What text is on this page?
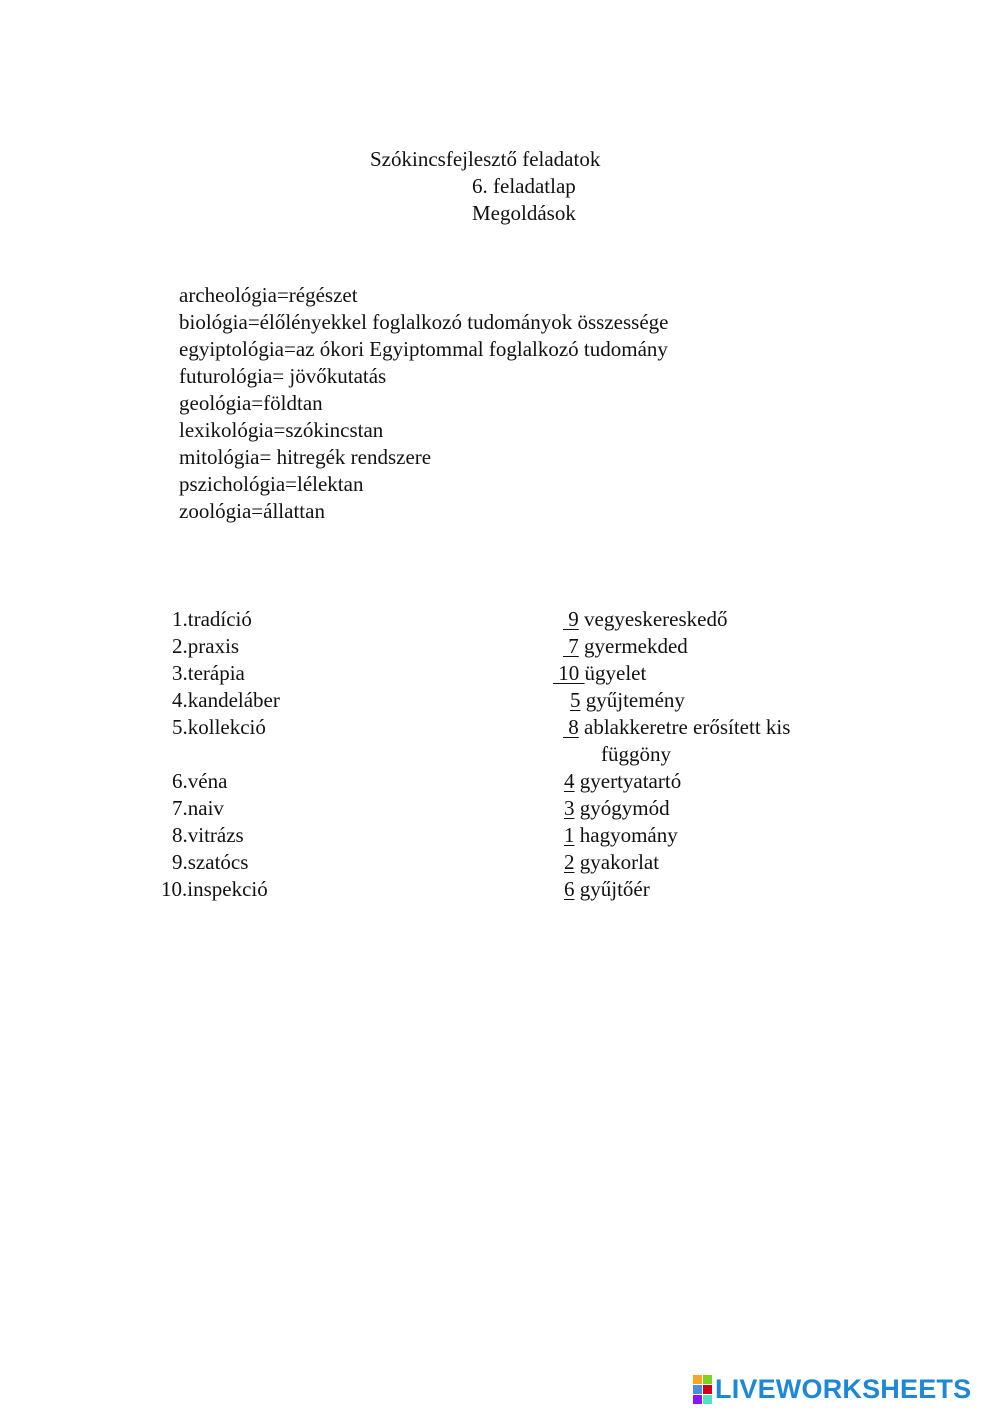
Szókincsfejlesztő feladatok
6. feladatlap
Megoldások
archeológia=régészet
biológia=élőlényekkel foglalkozó tudományok összessége
egyiptológia=az ókori Egyiptommal foglalkozó tudomány
futurológia= jövőkutatás
geológia=földtan
lexikológia=szókincstan
mitológia= hitregék rendszere
pszichológia=lélektan
zoológia=állattan
1.tradíció
2.praxis
3.terápia
4.kandeláber
5.kollekció
6.véna
7.naiv
8.vitrázs
9.szatócs
10.inspekció
9 vegyeskereskedő
7 gyermekded
10 ügyelet
5 gyűjtemény
8 ablakkeretre erősített kis
függöny
4 gyertyatartó
3 gyógymód
1 hagyomány
2 gyakorlat
6 gyűjtőér
LIVEWORKSHEETS
